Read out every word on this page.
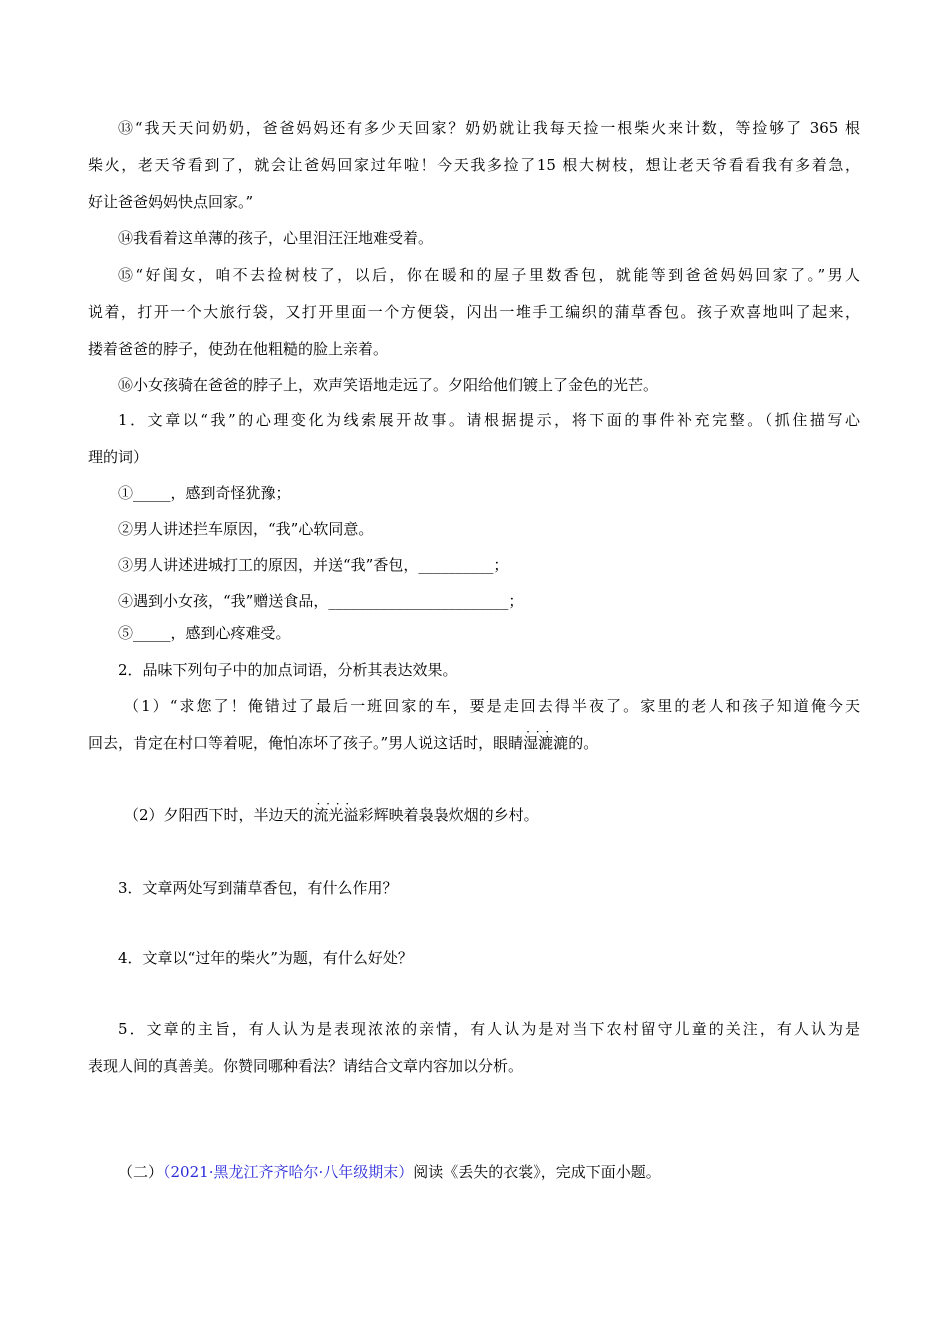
⑬“我天天问奶奶，爸爸妈妈还有多少天回家？奶奶就让我每天捡一根柴火来计数，等捡够了 365 根
柴火，老天爷看到了，就会让爸妈回家过年啦！今天我多捡了15 根大树枝，想让老天爷看看我有多着急，
好让爸爸妈妈快点回家。”
⑭我看着这单薄的孩子，心里泪汪汪地难受着。
⑮“好闺女，咱不去捡树枝了，以后，你在暖和的屋子里数香包，就能等到爸爸妈妈回家了。”男人
说着，打开一个大旅行袋，又打开里面一个方便袋，闪出一堆手工编织的蒲草香包。孩子欢喜地叫了起来，
搂着爸爸的脖子，使劲在他粗糙的脸上亲着。
⑯小女孩骑在爸爸的脖子上，欢声笑语地走远了。夕阳给他们镀上了金色的光芒。
1．文章以“我”的心理变化为线索展开故事。请根据提示，将下面的事件补充完整。（抓住描写心
理的词）
①_____，感到奇怪犹豫；
②男人讲述拦车原因，“我”心软同意。
③男人讲述进城打工的原因，并送“我”香包，__________；
④遇到小女孩，“我”赠送食品，________________________；
⑤_____，感到心疼难受。
2．品味下列句子中的加点词语，分析其表达效果。
（1）“求您了！俺错过了最后一班回家的车，要是走回去得半夜了。家里的老人和孩子知道俺今天
回去，肯定在村口等着呢，俺怕冻坏了孩子。”男人说这话时，眼睛· · · 湿漉漉的。
（2）夕阳西下时，半边天的· · · · 流光溢彩辉映着袅袅炊烟的乡村。
3．文章两处写到蒲草香包，有什么作用？
4．文章以“过年的柴火”为题，有什么好处？
5．文章的主旨，有人认为是表现浓浓的亲情，有人认为是对当下农村留守儿童的关注，有人认为是
表现人间的真善美。你赞同哪种看法？请结合文章内容加以分析。
（二）（2021·黑龙江齐齐哈尔·八年级期末）阅读《丢失的衣裳》，完成下面小题。
